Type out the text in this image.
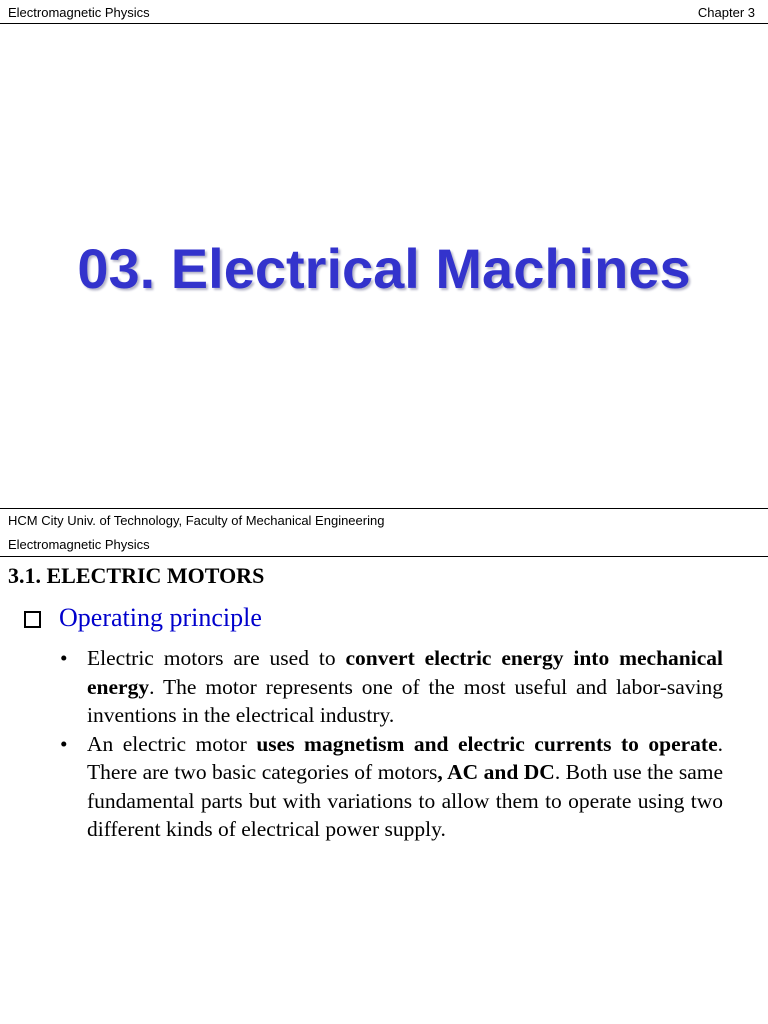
Electromagnetic Physics	Chapter 3
03. Electrical Machines
HCM City Univ. of Technology, Faculty of Mechanical Engineering
Electromagnetic Physics
3.1. ELECTRIC MOTORS
Operating principle
• Electric motors are used to convert electric energy into mechanical energy. The motor represents one of the most useful and labor-saving inventions in the electrical industry.
• An electric motor uses magnetism and electric currents to operate. There are two basic categories of motors, AC and DC. Both use the same fundamental parts but with variations to allow them to operate using two different kinds of electrical power supply.
